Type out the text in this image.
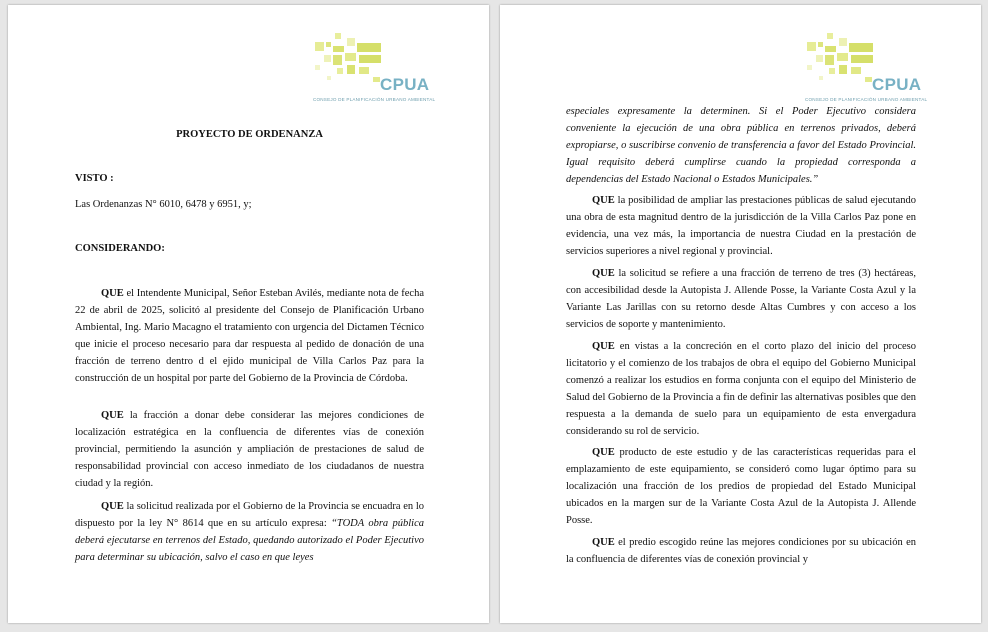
CPUA
CONSEJO DE PLANIFICACIÓN URBANO AMBIENTAL
PROYECTO DE ORDENANZA
VISTO :
Las Ordenanzas N° 6010, 6478 y 6951, y;
CONSIDERANDO:
QUE el Intendente Municipal, Señor Esteban Avilés, mediante nota de fecha 22 de abril de 2025, solicitó al presidente del Consejo de Planificación Urbano Ambiental, Ing. Mario Macagno el tratamiento con urgencia del Dictamen Técnico que inicie el proceso necesario para dar respuesta al pedido de donación de una fracción de terreno dentro d el ejido municipal de Villa Carlos Paz para la construcción de un hospital por parte del Gobierno de la Provincia de Córdoba.
QUE la fracción a donar debe considerar las mejores condiciones de localización estratégica en la confluencia de diferentes vías de conexión provincial, permitiendo la asunción y ampliación de prestaciones de salud de responsabilidad provincial con acceso inmediato de los ciudadanos de nuestra ciudad y la región.
QUE la solicitud realizada por el Gobierno de la Provincia se encuadra en lo dispuesto por la ley N° 8614 que en su artículo expresa: “TODA obra pública deberá ejecutarse en terrenos del Estado, quedando autorizado el Poder Ejecutivo para determinar su ubicación, salvo el caso en que leyes
CPUA
CONSEJO DE PLANIFICACIÓN URBANO AMBIENTAL
especiales expresamente la determinen. Si el Poder Ejecutivo considera conveniente la ejecución de una obra pública en terrenos privados, deberá expropiarse, o suscribirse convenio de transferencia a favor del Estado Provincial. Igual requisito deberá cumplirse cuando la propiedad corresponda a dependencias del Estado Nacional o Estados Municipales.”
QUE la posibilidad de ampliar las prestaciones públicas de salud ejecutando una obra de esta magnitud dentro de la jurisdicción de la Villa Carlos Paz pone en evidencia, una vez más, la importancia de nuestra Ciudad en la prestación de servicios superiores a nivel regional y provincial.
QUE la solicitud se refiere a una fracción de terreno de tres (3) hectáreas, con accesibilidad desde la Autopista J. Allende Posse, la Variante Costa Azul y la Variante Las Jarillas con su retorno desde Altas Cumbres y con acceso a los servicios de soporte y mantenimiento.
QUE en vistas a la concreción en el corto plazo del inicio del proceso licitatorio y el comienzo de los trabajos de obra el equipo del Gobierno Municipal comenzó a realizar los estudios en forma conjunta con el equipo del Ministerio de Salud del Gobierno de la Provincia a fin de definir las alternativas posibles que den respuesta a la demanda de suelo para un equipamiento de esta envergadura considerando su rol de servicio.
QUE producto de este estudio y de las características requeridas para el emplazamiento de este equipamiento, se consideró como lugar óptimo para su localización una fracción de los predios de propiedad del Estado Municipal ubicados en la margen sur de la Variante Costa Azul de la Autopista J. Allende Posse.
QUE el predio escogido reúne las mejores condiciones por su ubicación en la confluencia de diferentes vías de conexión provincial y
